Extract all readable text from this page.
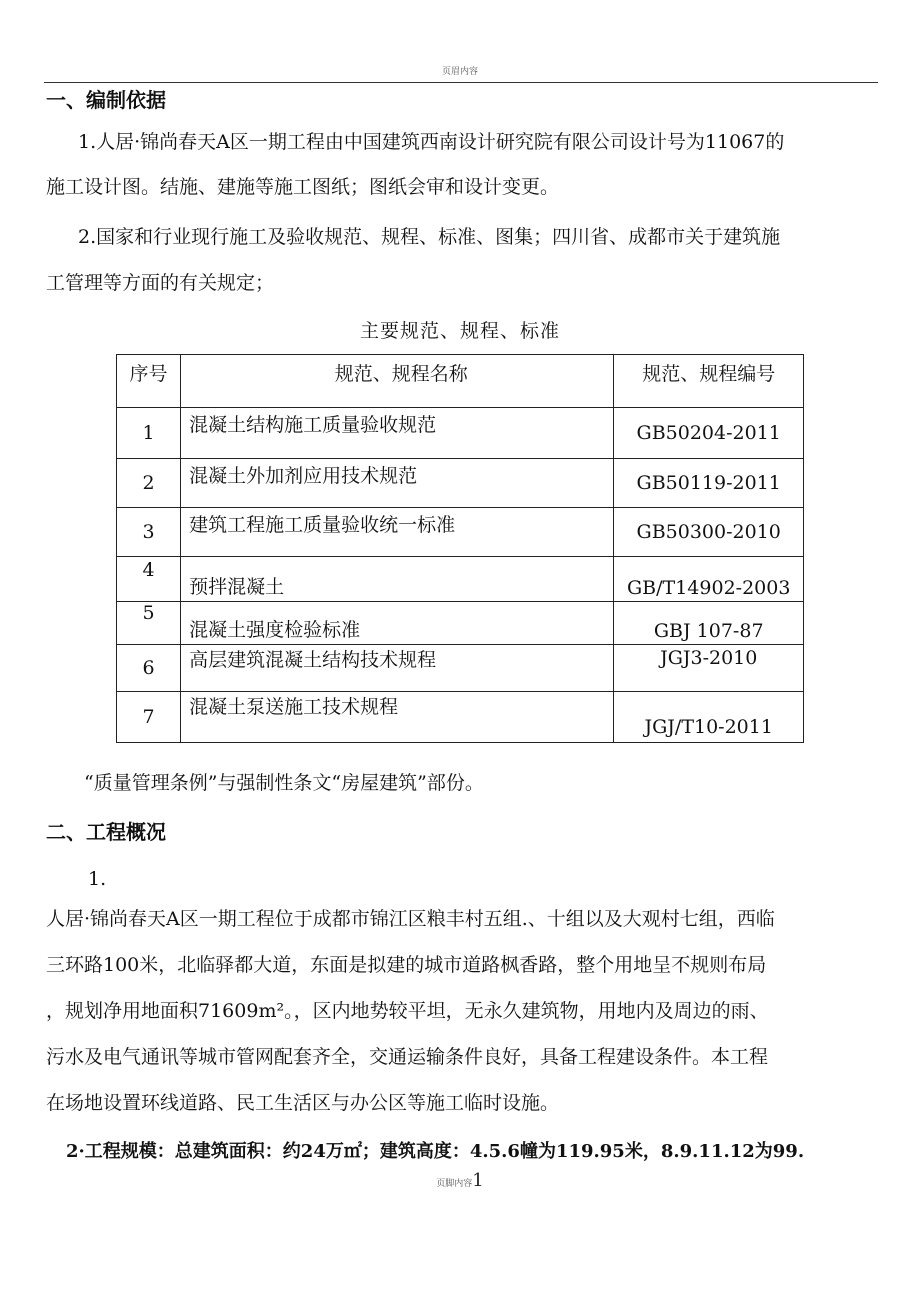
页眉内容
一、编制依据
1.人居·锦尚春天A区一期工程由中国建筑西南设计研究院有限公司设计号为11067的
施工设计图。结施、建施等施工图纸；图纸会审和设计变更。
2.国家和行业现行施工及验收规范、规程、标准、图集；四川省、成都市关于建筑施
工管理等方面的有关规定；
主要规范、规程、标准
序号	规范、规程名称	规范、规程编号
1	混凝土结构施工质量验收规范	GB50204-2011
2	混凝土外加剂应用技术规范	GB50119-2011
3	建筑工程施工质量验收统一标准	GB50300-2010
4	预拌混凝土	GB/T14902-2003
5	混凝土强度检验标准	GBJ 107-87
6	高层建筑混凝土结构技术规程	JGJ3-2010
7	混凝土泵送施工技术规程	JGJ/T10-2011
“质量管理条例”与强制性条文“房屋建筑”部份。
二、工程概况
1.
人居·锦尚春天A区一期工程位于成都市锦江区粮丰村五组.、十组以及大观村七组，西临
三环路100米，北临驿都大道，东面是拟建的城市道路枫香路，整个用地呈不规则布局
，规划净用地面积71609m²。，区内地势较平坦，无永久建筑物，用地内及周边的雨、
污水及电气通讯等城市管网配套齐全，交通运输条件良好，具备工程建设条件。本工程
在场地设置环线道路、民工生活区与办公区等施工临时设施。
2·工程规模：总建筑面积：约24万㎡；建筑高度：4.5.6幢为119.95米，8.9.11.12为99.
页脚内容1
